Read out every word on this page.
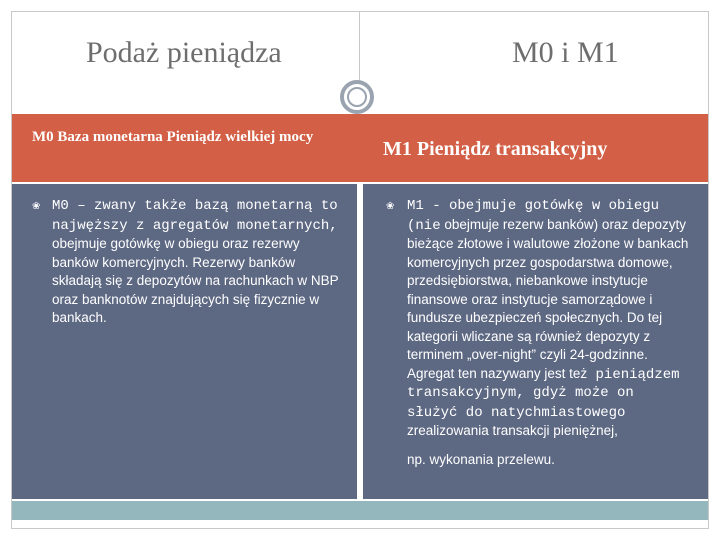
Podaż pieniądza	M0 i M1
M0 Baza monetarna Pieniądz wielkiej mocy
M1 Pieniądz transakcyjny
❀	❀

M0 – zwany także bazą monetarną to najwęższy z agregatów monetarnych, obejmuje gotówkę w obiegu oraz rezerwy banków komercyjnych. Rezerwy banków składają się z depozytów na rachunkach w NBP oraz banknotów znajdujących się fizycznie w bankach.

M1 - obejmuje gotówkę w obiegu (nie obejmuje rezerw banków) oraz depozyty bieżące złotowe i walutowe złożone w bankach komercyjnych przez gospodarstwa domowe, przedsiębiorstwa, niebankowe instytucje finansowe oraz instytucje samorządowe i fundusze ubezpieczeń społecznych. Do tej kategorii wliczane są również depozyty z terminem „over-night” czyli 24-godzinne. Agregat ten nazywany jest też pieniądzem transakcyjnym, gdyż może on służyć do natychmiastowego zrealizowania transakcji pieniężnej,

np. wykonania przelewu.
